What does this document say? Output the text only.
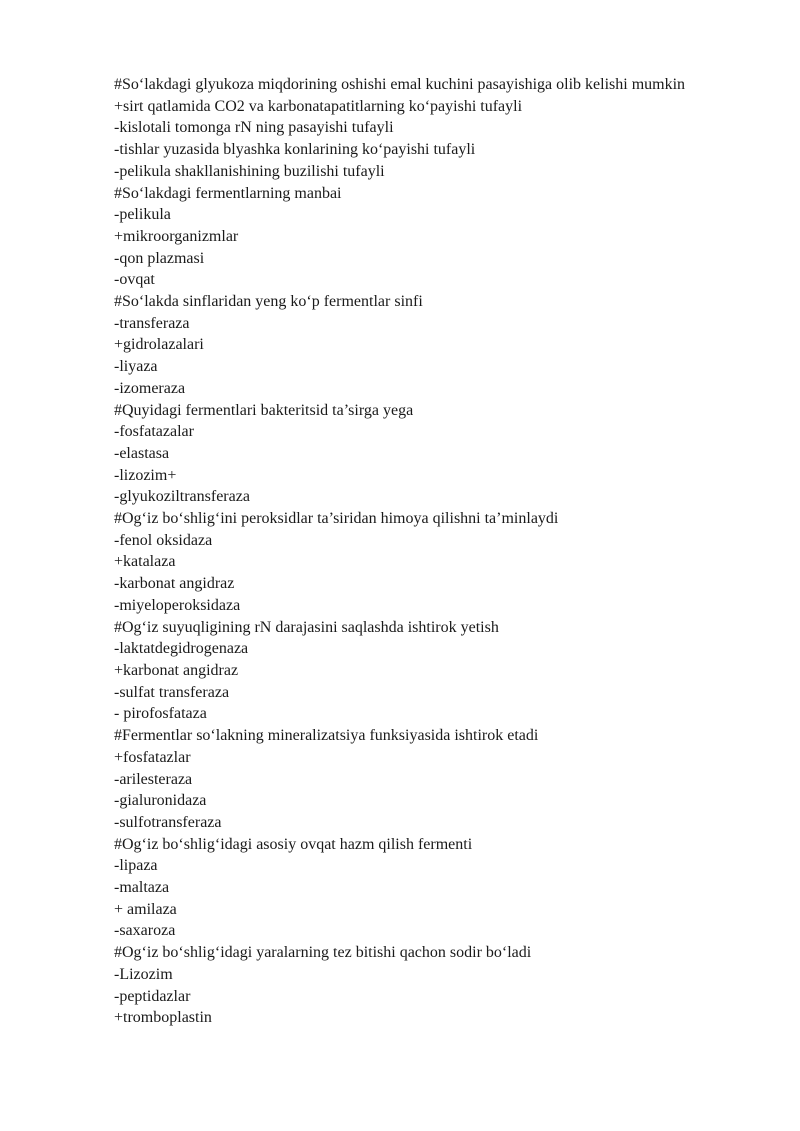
#So‘lakdagi glyukoza miqdorining oshishi emal kuchini pasayishiga olib kelishi mumkin
+sirt qatlamida CO2 va karbonatapatitlarning ko‘payishi tufayli
-kislotali tomonga rN ning pasayishi tufayli
-tishlar yuzasida blyashka konlarining ko‘payishi tufayli
-pelikula shakllanishining buzilishi tufayli
#So‘lakdagi fermentlarning manbai
-pelikula
+mikroorganizmlar
-qon plazmasi
-ovqat
#So‘lakda sinflaridan yeng ko‘p fermentlar sinfi
-transferaza
+gidrolazalari
-liyaza
-izomeraza
#Quyidagi fermentlari bakteritsid ta’sirga yega
-fosfatazalar
-elastasa
-lizozim+
-glyukoziltransferaza
#Og‘iz bo‘shlig‘ini peroksidlar ta’siridan himoya qilishni ta’minlaydi
-fenol oksidaza
+katalaza
-karbonat angidraz
-miyeloperoksidaza
#Og‘iz suyuqligining rN darajasini saqlashda ishtirok yetish
-laktatdegidrogenaza
+karbonat angidraz
-sulfat transferaza
- pirofosfataza
#Fermentlar so‘lakning mineralizatsiya funksiyasida ishtirok etadi
+fosfatazlar
-arilesteraza
-gialuronidaza
-sulfotransferaza
#Og‘iz bo‘shlig‘idagi asosiy ovqat hazm qilish fermenti
-lipaza
-maltaza
+ amilaza
-saxaroza
#Og‘iz bo‘shlig‘idagi yaralarning tez bitishi qachon sodir bo‘ladi
-Lizozim
-peptidazlar
+tromboplastin
